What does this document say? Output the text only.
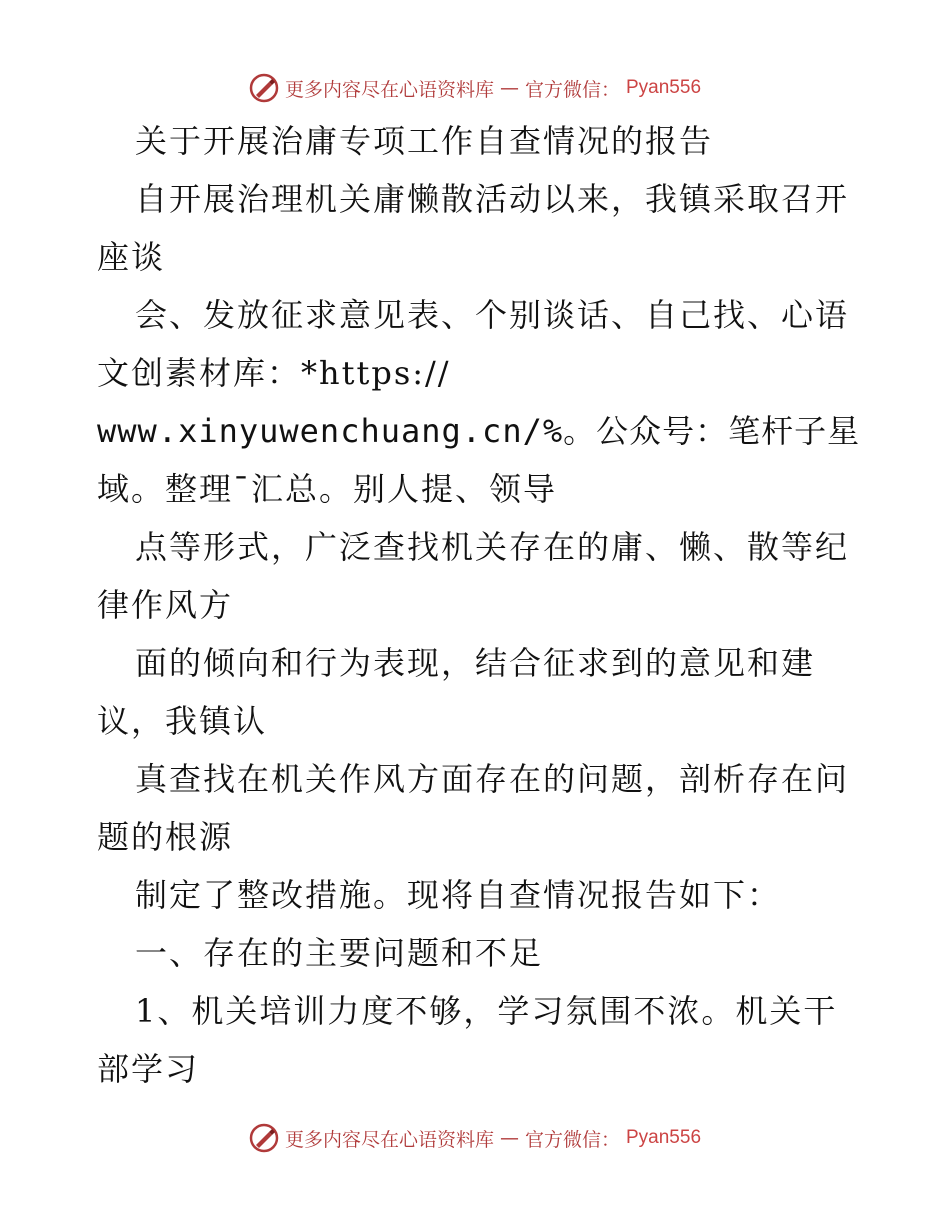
更多内容尽在心语资料库 — 官方微信： Pyan556
关于开展治庸专项工作自查情况的报告
自开展治理机关庸懒散活动以来，我镇采取召开
座谈
会、发放征求意见表、个别谈话、自己找、心语
文创素材库：*https://
www.xinyuwenchuang.cn/%。公众号：笔杆子星
域。整理¯汇总。别人提、领导
点等形式，广泛查找机关存在的庸、懒、散等纪
律作风方
面的倾向和行为表现，结合征求到的意见和建
议，我镇认
真查找在机关作风方面存在的问题，剖析存在问
题的根源
制定了整改措施。现将自查情况报告如下：
一、存在的主要问题和不足
1、机关培训力度不够，学习氛围不浓。机关干
部学习
更多内容尽在心语资料库 — 官方微信： Pyan556
